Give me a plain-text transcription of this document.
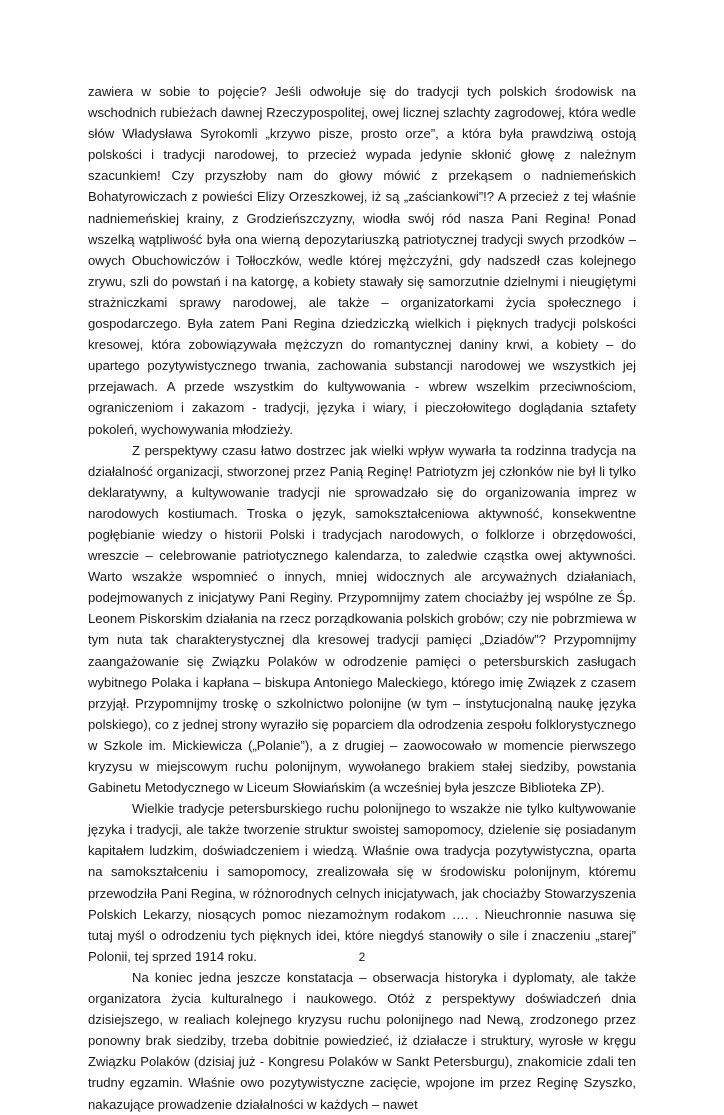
zawiera w sobie to pojęcie? Jeśli odwołuje się do tradycji tych polskich środowisk na wschodnich rubieżach dawnej Rzeczypospolitej, owej licznej szlachty zagrodowej, która wedle słów Władysława Syrokomli „krzywo pisze, prosto orze”, a która była prawdziwą ostoją polskości i tradycji narodowej, to przecież wypada jedynie skłonić głowę z należnym szacunkiem! Czy przyszłoby nam do głowy mówić z przekąsem o nadniemeńskich Bohatyrowiczach z powieści Elizy Orzeszkowej, iż są „zaściankowi”!? A przecież z tej właśnie nadniemeńskiej krainy, z Grodzieńszczyzny, wiodła swój ród nasza Pani Regina! Ponad wszelką wątpliwość była ona wierną depozytariuszką patriotycznej tradycji swych przodków – owych Obuchowiczów i Tołłoczków, wedle której mężczyźni, gdy nadszedł czas kolejnego zrywu, szli do powstań i na katorgę, a kobiety stawały się samorzutnie dzielnymi i nieugiętymi strażniczkami sprawy narodowej, ale także – organizatorkami życia społecznego i gospodarczego. Była zatem Pani Regina dziedziczką wielkich i pięknych tradycji polskości kresowej, która zobowiązywała mężczyzn do romantycznej daniny krwi, a kobiety – do upartego pozytywistycznego trwania, zachowania substancji narodowej we wszystkich jej przejawach. A przede wszystkim do kultywowania - wbrew wszelkim przeciwnościom, ograniczeniom i zakazom - tradycji, języka i wiary, i pieczołowitego doglądania sztafety pokoleń, wychowywania młodzieży.

Z perspektywy czasu łatwo dostrzec jak wielki wpływ wywarła ta rodzinna tradycja na działalność organizacji, stworzonej przez Panią Reginę! Patriotyzm jej członków nie był li tylko deklaratywny, a kultywowanie tradycji nie sprowadzało się do organizowania imprez w narodowych kostiumach. Troska o język, samokształceniowa aktywność, konsekwentne pogłębianie wiedzy o historii Polski i tradycjach narodowych, o folklorze i obrzędowości, wreszcie – celebrowanie patriotycznego kalendarza, to zaledwie cząstka owej aktywności. Warto wszakże wspomnieć o innych, mniej widocznych ale arcyważnych działaniach, podejmowanych z inicjatywy Pani Reginy. Przypomnijmy zatem chociażby jej wspólne ze Śp. Leonem Piskorskim działania na rzecz porządkowania polskich grobów; czy nie pobrzmiewa w tym nuta tak charakterystycznej dla kresowej tradycji pamięci „Dziadów”? Przypomnijmy zaangażowanie się Związku Polaków w odrodzenie pamięci o petersburskich zasługach wybitnego Polaka i kapłana – biskupa Antoniego Maleckiego, którego imię Związek z czasem przyjął. Przypomnijmy troskę o szkolnictwo polonijne (w tym – instytucjonalną naukę języka polskiego), co z jednej strony wyraziło się poparciem dla odrodzenia zespołu folklorystycznego w Szkole im. Mickiewicza („Polanie”), a z drugiej – zaowocowało w momencie pierwszego kryzysu w miejscowym ruchu polonijnym, wywołanego brakiem stałej siedziby, powstania Gabinetu Metodycznego w Liceum Słowiańskim (a wcześniej była jeszcze Biblioteka ZP).

Wielkie tradycje petersburskiego ruchu polonijnego to wszakże nie tylko kultywowanie języka i tradycji, ale także tworzenie struktur swoistej samopomocy, dzielenie się posiadanym kapitałem ludzkim, doświadczeniem i wiedzą. Właśnie owa tradycja pozytywistyczna, oparta na samokształceniu i samopomocy, zrealizowała się w środowisku polonijnym, któremu przewodziła Pani Regina, w różnorodnych celnych inicjatywach, jak chociażby Stowarzyszenia Polskich Lekarzy, niosących pomoc niezamożnym rodakom …. . Nieuchronnie nasuwa się tutaj myśl o odrodzeniu tych pięknych idei, które niegdyś stanowiły o sile i znaczeniu „starej” Polonii, tej sprzed 1914 roku.

Na koniec jedna jeszcze konstatacja – obserwacja historyka i dyplomaty, ale także organizatora życia kulturalnego i naukowego. Otóż z perspektywy doświadczeń dnia dzisiejszego, w realiach kolejnego kryzysu ruchu polonijnego nad Newą, zrodzonego przez ponowny brak siedziby, trzeba dobitnie powiedzieć, iż działacze i struktury, wyrosłe w kręgu Związku Polaków (dzisiaj już - Kongresu Polaków w Sankt Petersburgu), znakomicie zdali ten trudny egzamin. Właśnie owo pozytywistyczne zacięcie, wpojone im przez Reginę Szyszko, nakazujące prowadzenie działalności w każdych – nawet

2
